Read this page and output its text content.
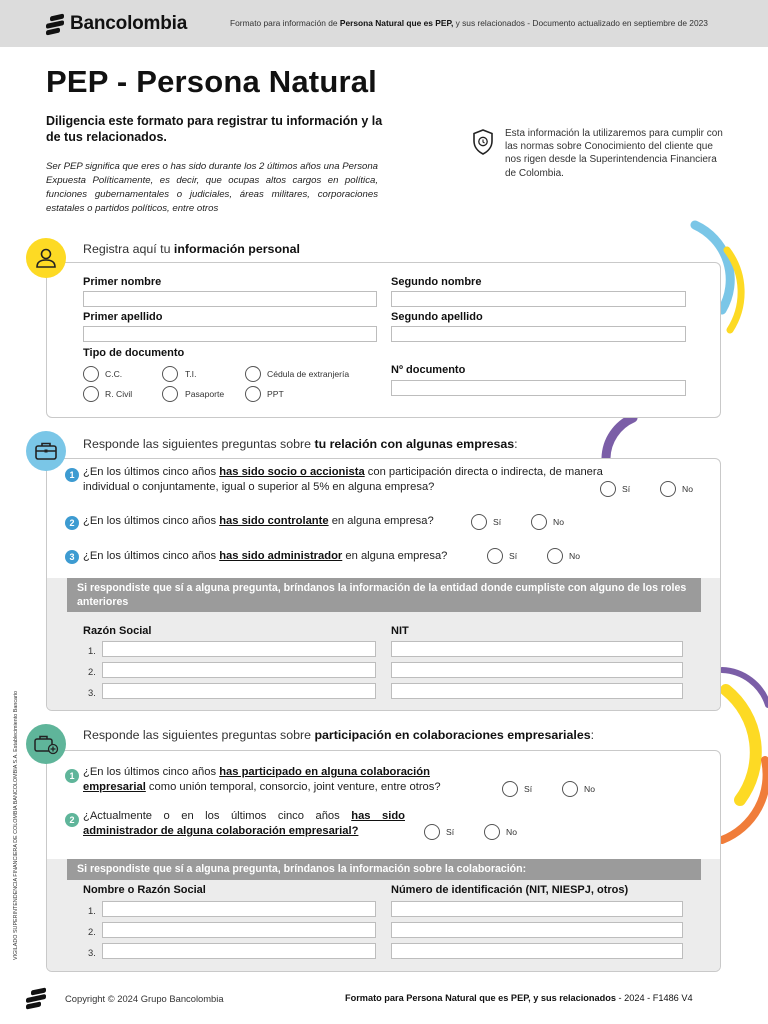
Bancolombia	Formato para información de Persona Natural que es PEP, y sus relacionados - Documento actualizado en septiembre de 2023
PEP - Persona Natural
Diligencia este formato para registrar tu información y la de tus relacionados.
Ser PEP significa que eres o has sido durante los 2 últimos años una Persona Expuesta Políticamente, es decir, que ocupas altos cargos en política, funciones gubernamentales o judiciales, áreas militares, corporaciones estatales o partidos políticos, entre otros
Esta información la utilizaremos para cumplir con las normas sobre Conocimiento del cliente que nos rigen desde la Superintendencia Financiera de Colombia.
Registra aquí tu información personal
Primer nombre	Segundo nombre
Primer apellido	Segundo apellido
Tipo de documento
C.C.	T.I.	Cédula de extranjería
R. Civil	Pasaporte	PPT
Nº documento
Responde las siguientes preguntas sobre tu relación con algunas empresas:
1 ¿En los últimos cinco años has sido socio o accionista con participación directa o indirecta, de manera individual o conjuntamente, igual o superior al 5% en alguna empresa?	Sí	No
2 ¿En los últimos cinco años has sido controlante en alguna empresa?	Sí	No
3 ¿En los últimos cinco años has sido administrador en alguna empresa?	Sí	No
Si respondiste que sí a alguna pregunta, bríndanos la información de la entidad donde cumpliste con alguno de los roles anteriores
Razón Social	NIT
1.
2.
3.
Responde las siguientes preguntas sobre participación en colaboraciones empresariales:
1 ¿En los últimos cinco años has participado en alguna colaboración empresarial como unión temporal, consorcio, joint venture, entre otros?	Sí	No
2 ¿Actualmente o en los últimos cinco años has sido administrador de alguna colaboración empresarial?	Sí	No
Si respondiste que sí a alguna pregunta, bríndanos la información sobre la colaboración:
Nombre o Razón Social	Número de identificación (NIT, NIESPJ, otros)
1.
2.
3.
VIGILADO SUPERINTENDENCIA FINANCIERA DE COLOMBIA BANCOLOMBIA S.A. Establecimiento Bancario
Copyright © 2024 Grupo Bancolombia	Formato para Persona Natural que es PEP, y sus relacionados - 2024 - F1486 V4
